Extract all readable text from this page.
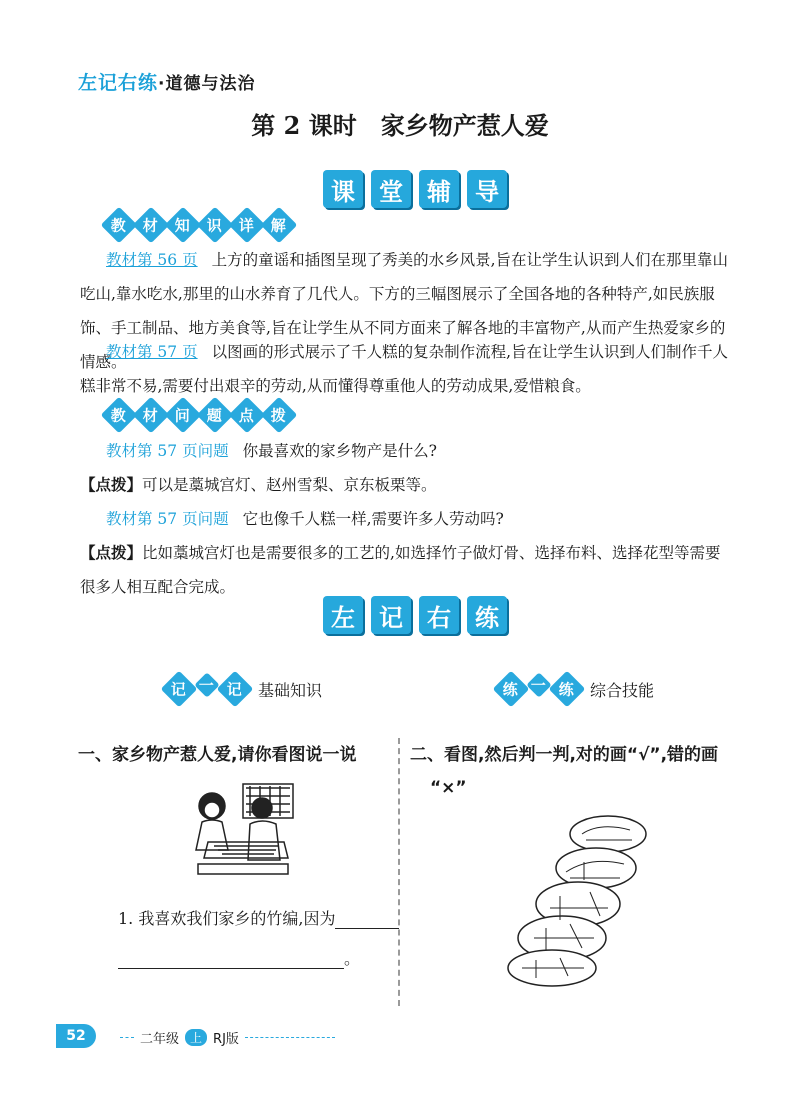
左记右练·道德与法治
第 2 课时　家乡物产惹人爱
课	堂	辅	导
教 材 知 识 详 解
教材第 56 页 上方的童谣和插图呈现了秀美的水乡风景,旨在让学生认识到人们在那里靠山吃山,靠水吃水,那里的山水养育了几代人。下方的三幅图展示了全国各地的各种特产,如民族服饰、手工制品、地方美食等,旨在让学生从不同方面来了解各地的丰富物产,从而产生热爱家乡的情感。
教材第 57 页 以图画的形式展示了千人糕的复杂制作流程,旨在让学生认识到人们制作千人糕非常不易,需要付出艰辛的劳动,从而懂得尊重他人的劳动成果,爱惜粮食。
教 材 问 题 点 拨
教材第 57 页问题 你最喜欢的家乡物产是什么?
【点拨】可以是藁城宫灯、赵州雪梨、京东板栗等。
教材第 57 页问题 它也像千人糕一样,需要许多人劳动吗?
【点拨】比如藁城宫灯也是需要很多的工艺的,如选择竹子做灯骨、选择布料、选择花型等需要很多人相互配合完成。
左	记	右	练
记 一 记 基础知识	练 一 练 综合技能
一、家乡物产惹人爱,请你看图说一说
1. 我喜欢我们家乡的竹编,因为
。
二、看图,然后判一判,对的画“√”,错的画
“×”
52	二年级 上 RJ版
